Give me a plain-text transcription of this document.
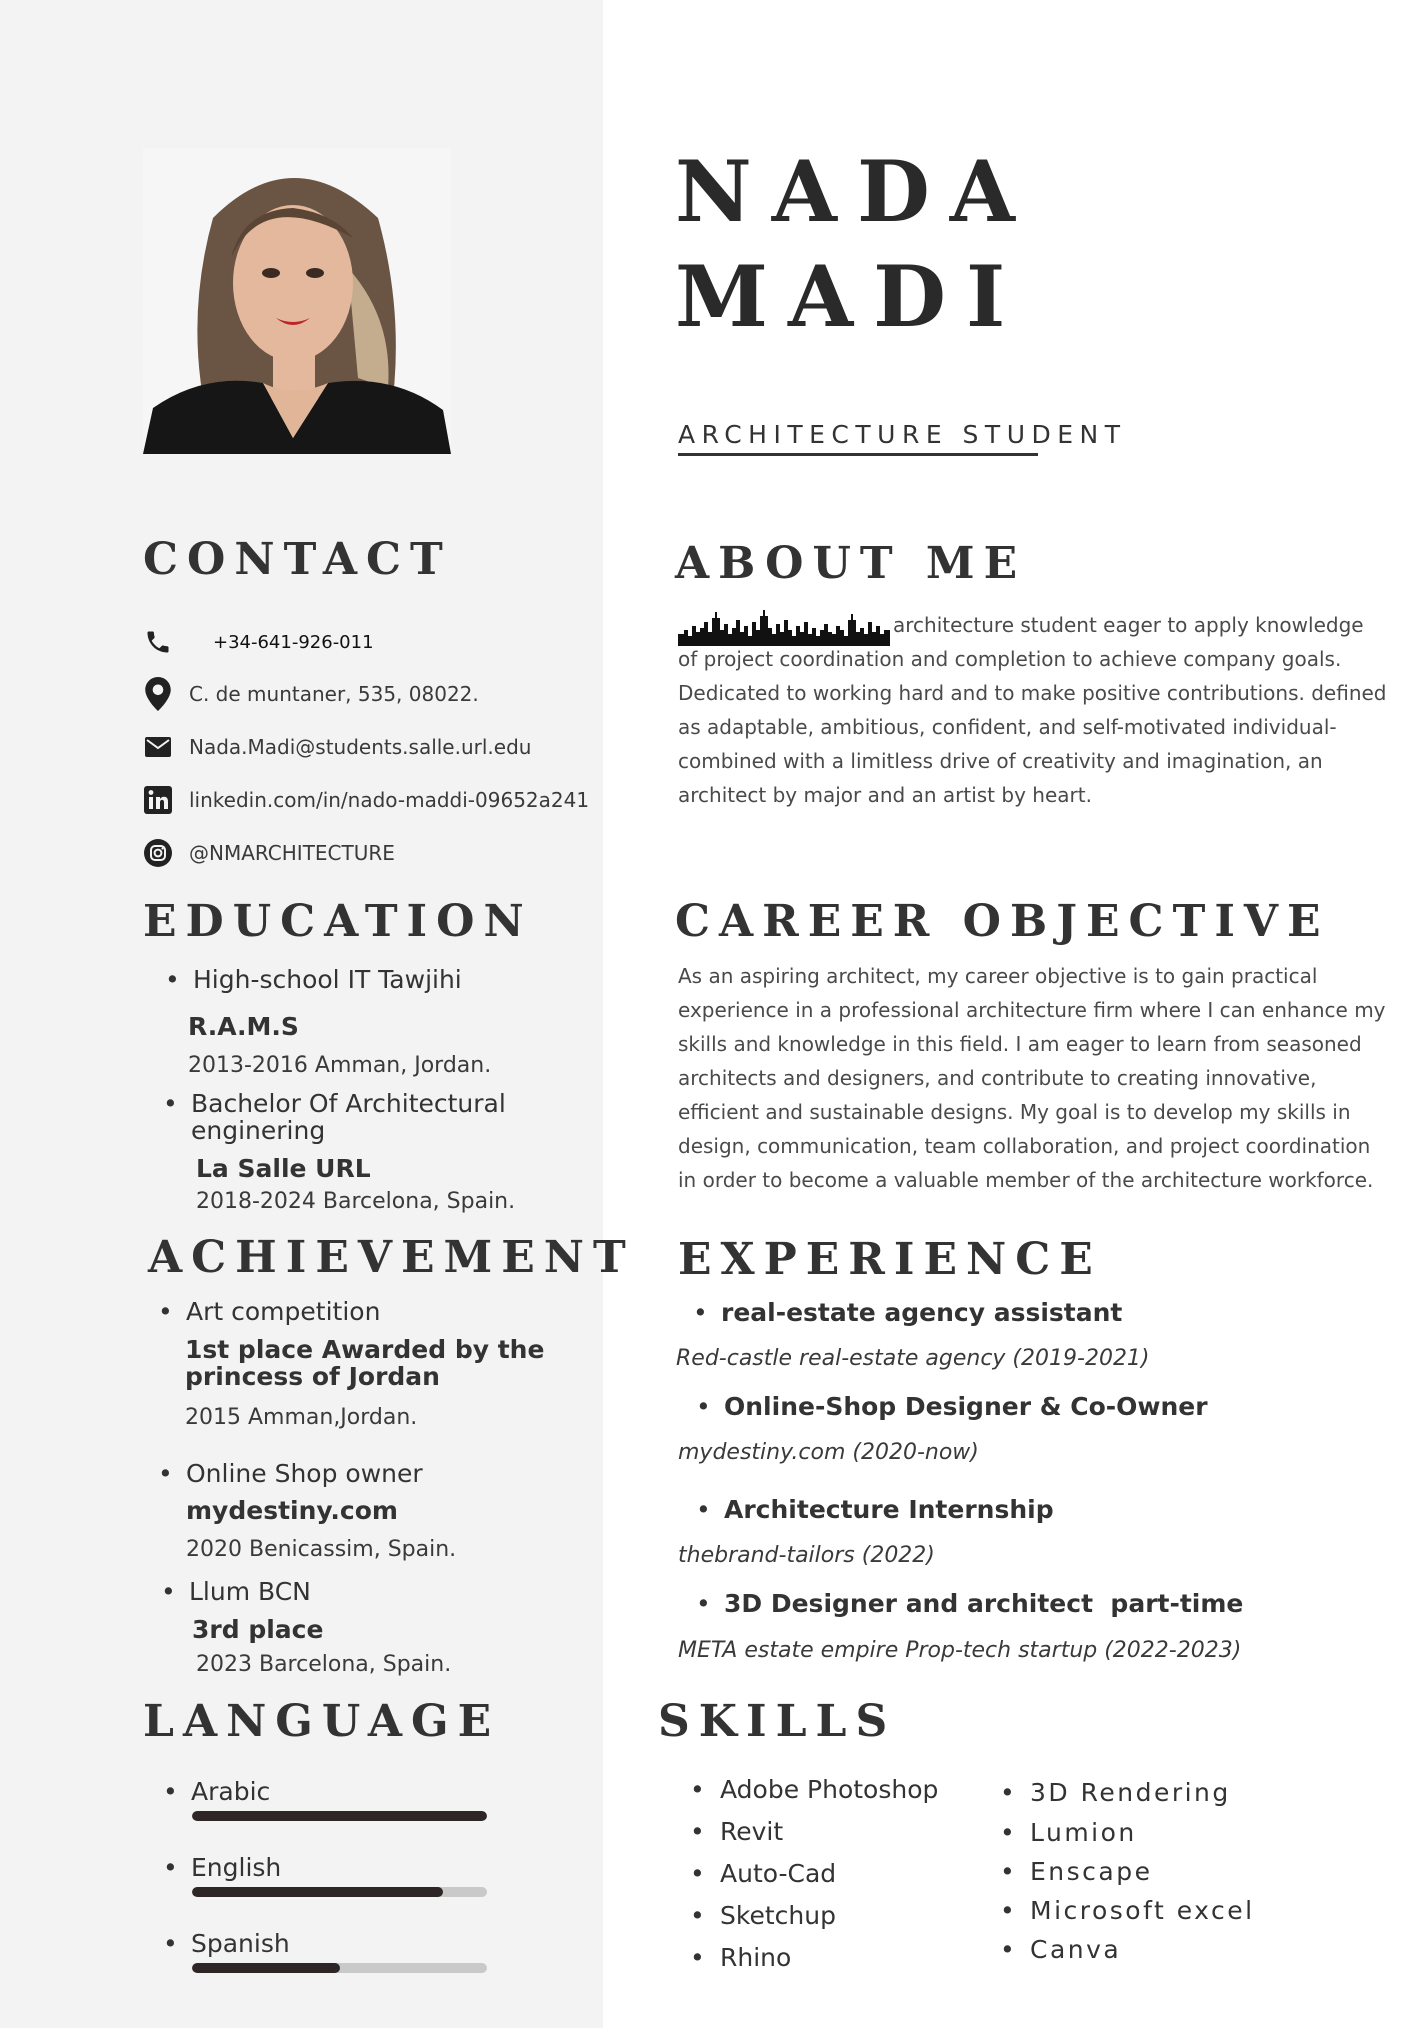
NADA
MADI
ARCHITECTURE STUDENT
CONTACT
+34-641-926-011
C. de muntaner, 535, 08022.
Nada.Madi@students.salle.url.edu
linkedin.com/in/nado-maddi-09652a241
@NMARCHITECTURE
EDUCATION
• High-school IT Tawjihi
R.A.M.S
2013-2016 Amman, Jordan.
• Bachelor Of Architectural
enginering
La Salle URL
2018-2024 Barcelona, Spain.
ACHIEVEMENT
• Art competition
1st place Awarded by the
princess of Jordan
2015 Amman,Jordan.
• Online Shop owner
mydestiny.com
2020 Benicassim, Spain.
• Llum BCN
3rd place
2023 Barcelona, Spain.
LANGUAGE
• Arabic
• English
• Spanish
ABOUT ME
architecture student eager to apply knowledge
of project coordination and completion to achieve company goals.
Dedicated to working hard and to make positive contributions. defined
as adaptable, ambitious, confident, and self-motivated individual-
combined with a limitless drive of creativity and imagination, an
architect by major and an artist by heart.
CAREER OBJECTIVE
As an aspiring architect, my career objective is to gain practical
experience in a professional architecture firm where I can enhance my
skills and knowledge in this field. I am eager to learn from seasoned
architects and designers, and contribute to creating innovative,
efficient and sustainable designs. My goal is to develop my skills in
design, communication, team collaboration, and project coordination
in order to become a valuable member of the architecture workforce.
EXPERIENCE
• real-estate agency assistant
Red-castle real-estate agency (2019-2021)
• Online-Shop Designer & Co-Owner
mydestiny.com (2020-now)
• Architecture Internship
thebrand-tailors (2022)
• 3D Designer and architect  part-time
META estate empire Prop-tech startup (2022-2023)
SKILLS
• Adobe Photoshop
• Revit
• Auto-Cad
• Sketchup
• Rhino
• 3D Rendering
• Lumion
• Enscape
• Microsoft excel
• Canva
